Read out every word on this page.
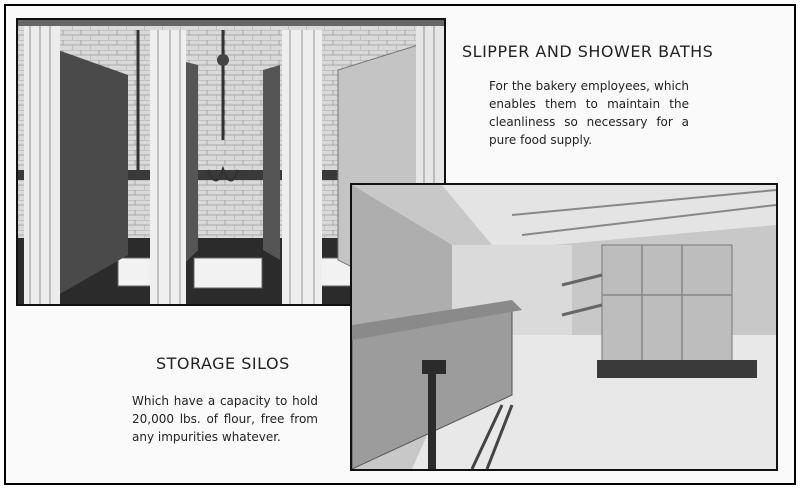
SLIPPER AND SHOWER BATHS

For the bakery employees, which enables them to maintain the cleanliness so necessary for a pure food supply.

STORAGE SILOS

Which have a capacity to hold 20,000 lbs. of flour, free from any impurities whatever.
